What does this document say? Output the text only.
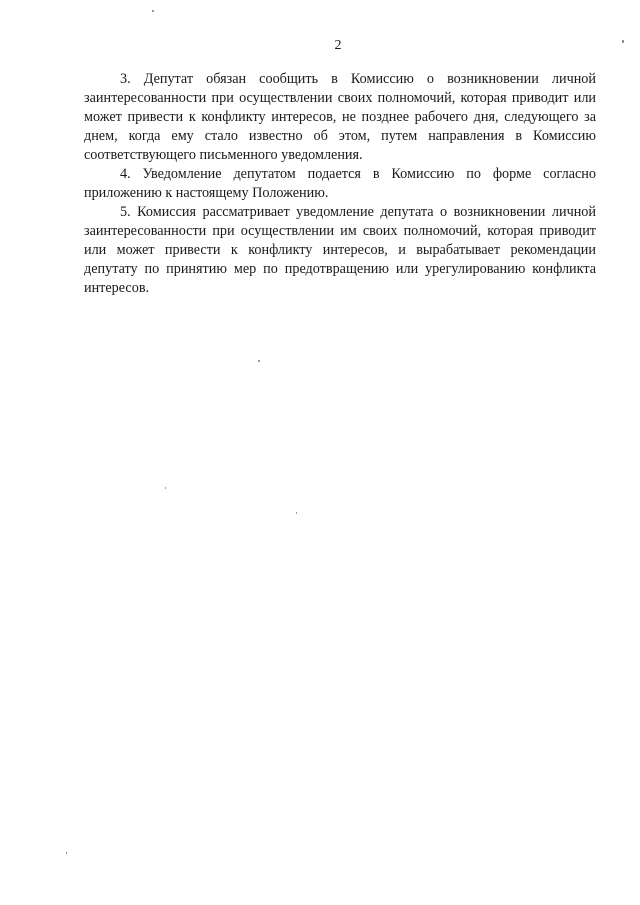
2

3. Депутат обязан сообщить в Комиссию о возникновении личной заинтересованности при осуществлении своих полномочий, которая приводит или может привести к конфликту интересов, не позднее рабочего дня, следующего за днем, когда ему стало известно об этом, путем направления в Комиссию соответствующего письменного уведомления.

4. Уведомление депутатом подается в Комиссию по форме согласно приложению к настоящему Положению.

5. Комиссия рассматривает уведомление депутата о возникновении личной заинтересованности при осуществлении им своих полномочий, которая приводит или может привести к конфликту интересов, и вырабатывает рекомендации депутату по принятию мер по предотвращению или урегулированию конфликта интересов.
